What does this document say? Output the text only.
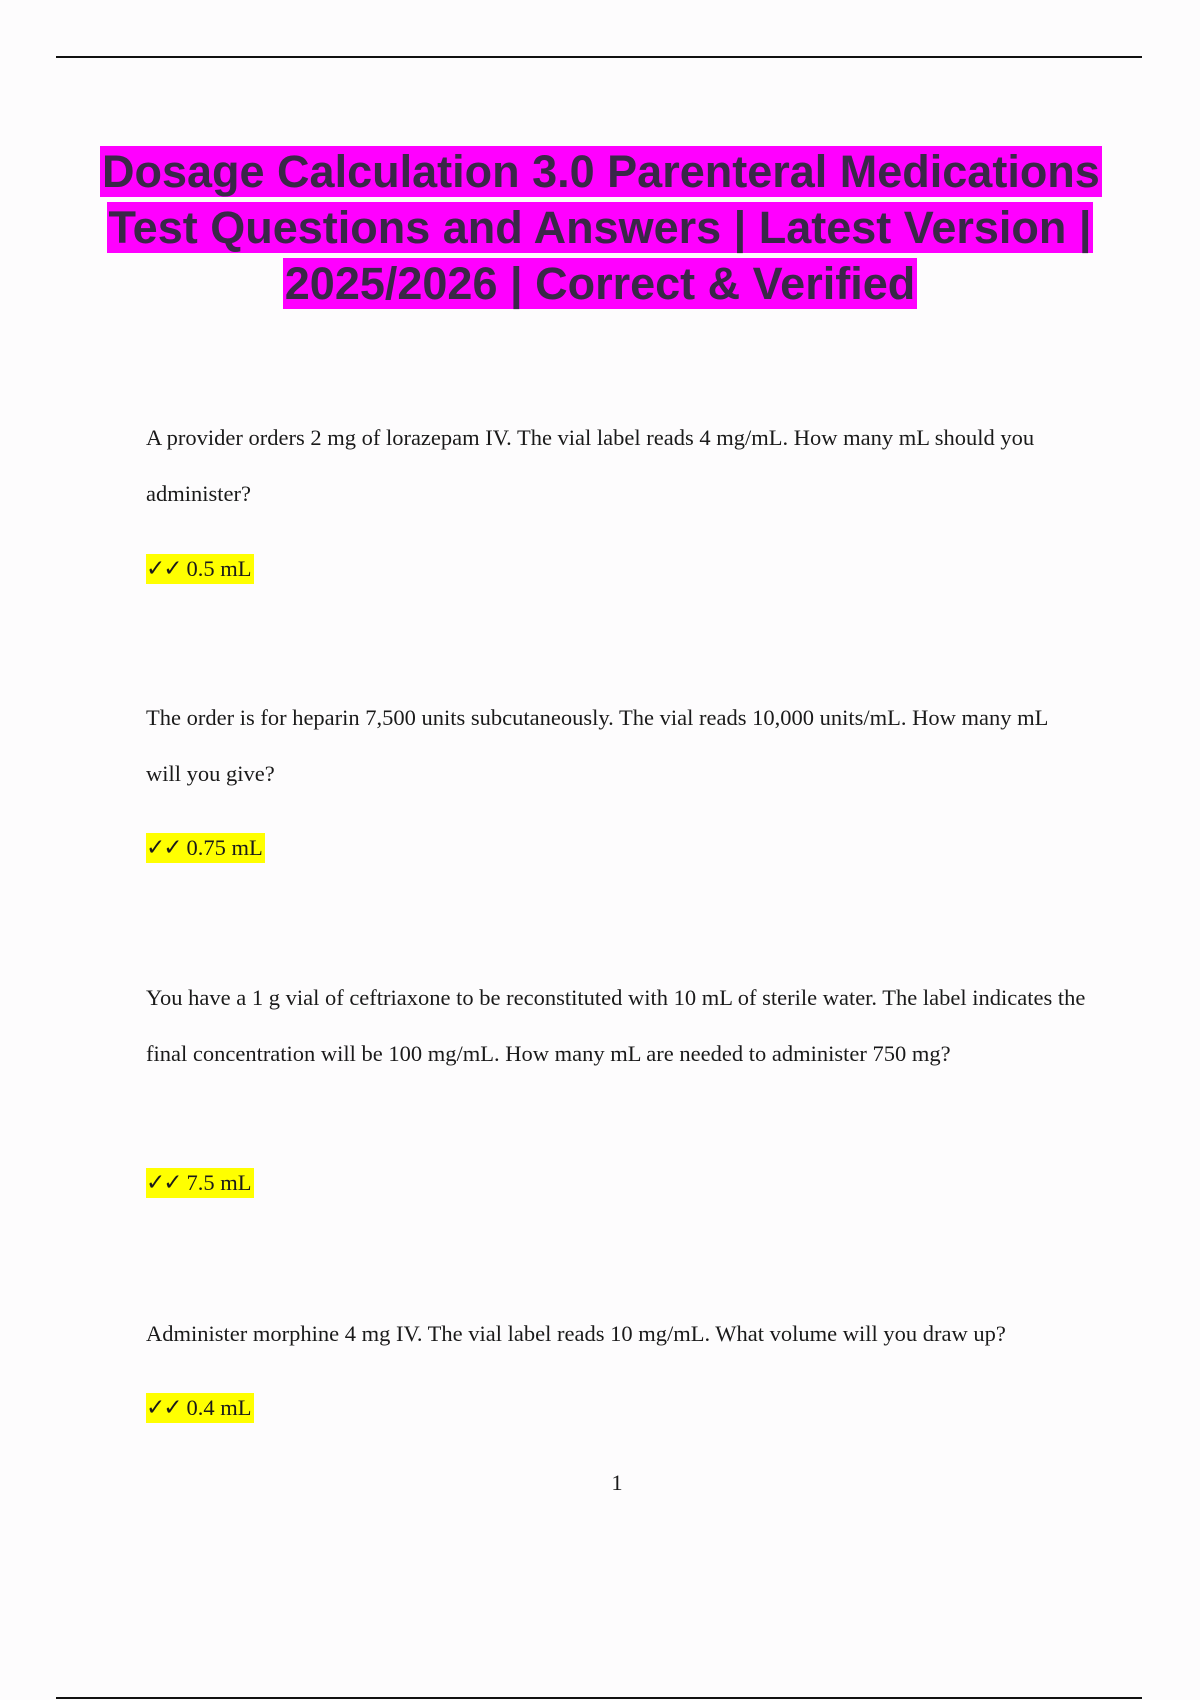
Dosage Calculation 3.0 Parenteral Medications Test Questions and Answers | Latest Version | 2025/2026 | Correct & Verified

A provider orders 2 mg of lorazepam IV. The vial label reads 4 mg/mL. How many mL should you administer?

✓✓ 0.5 mL

The order is for heparin 7,500 units subcutaneously. The vial reads 10,000 units/mL. How many mL will you give?

✓✓ 0.75 mL

You have a 1 g vial of ceftriaxone to be reconstituted with 10 mL of sterile water. The label indicates the final concentration will be 100 mg/mL. How many mL are needed to administer 750 mg?

✓✓ 7.5 mL

Administer morphine 4 mg IV. The vial label reads 10 mg/mL. What volume will you draw up?

✓✓ 0.4 mL

1
